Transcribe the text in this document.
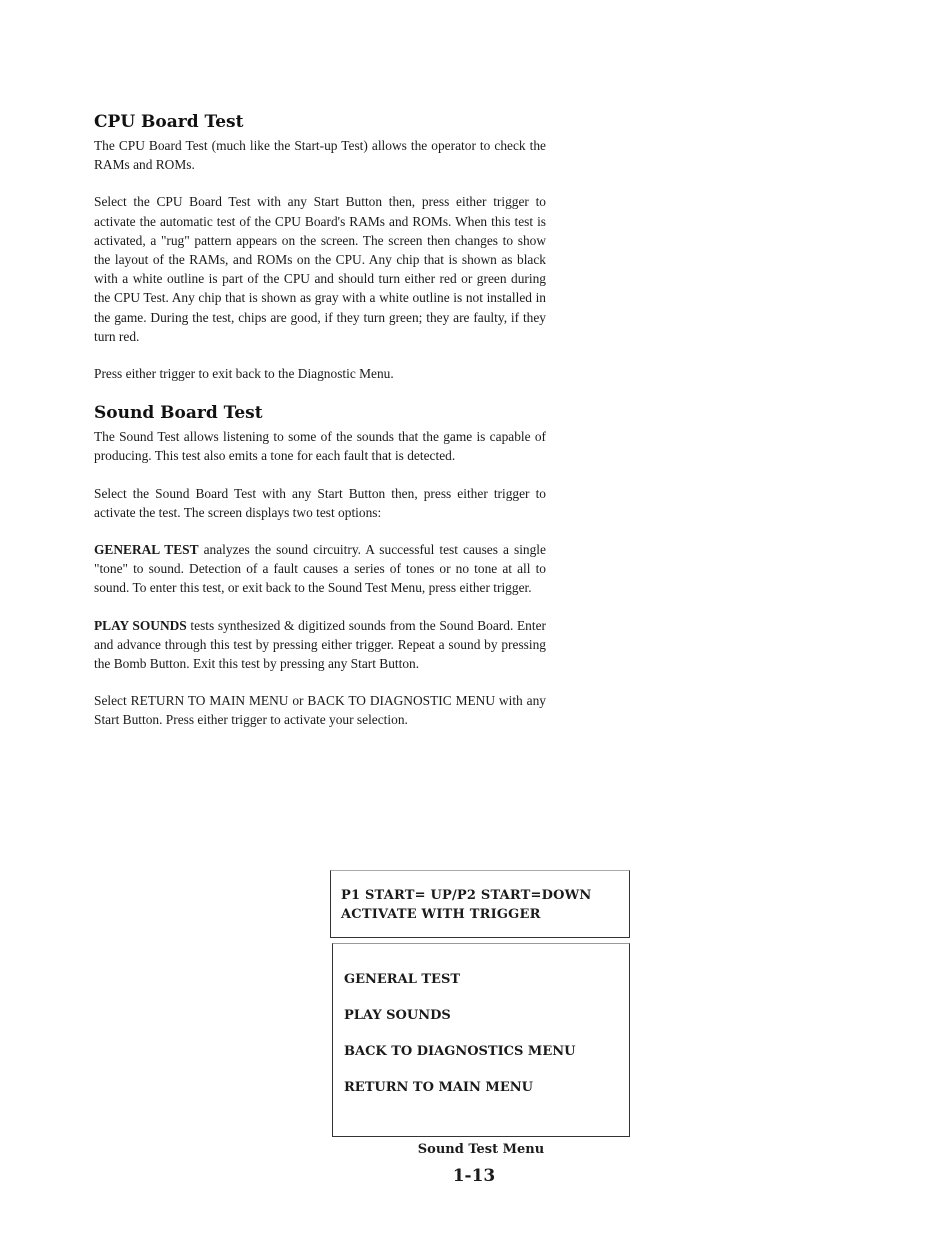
CPU Board Test

The CPU Board Test (much like the Start-up Test) allows the operator to check the RAMs and ROMs.

Select the CPU Board Test with any Start Button then, press either trigger to activate the automatic test of the CPU Board's RAMs and ROMs. When this test is activated, a "rug" pattern appears on the screen. The screen then changes to show the layout of the RAMs, and ROMs on the CPU. Any chip that is shown as black with a white outline is part of the CPU and should turn either red or green during the CPU Test. Any chip that is shown as gray with a white outline is not installed in the game. During the test, chips are good, if they turn green; they are faulty, if they turn red.

Press either trigger to exit back to the Diagnostic Menu.

Sound Board Test

The Sound Test allows listening to some of the sounds that the game is capable of producing. This test also emits a tone for each fault that is detected.

Select the Sound Board Test with any Start Button then, press either trigger to activate the test. The screen displays two test options:

GENERAL TEST analyzes the sound circuitry. A successful test causes a single "tone" to sound. Detection of a fault causes a series of tones or no tone at all to sound. To enter this test, or exit back to the Sound Test Menu, press either trigger.

PLAY SOUNDS tests synthesized & digitized sounds from the Sound Board. Enter and advance through this test by pressing either trigger. Repeat a sound by pressing the Bomb Button. Exit this test by pressing any Start Button.

Select RETURN TO MAIN MENU or BACK TO DIAGNOSTIC MENU with any Start Button. Press either trigger to activate your selection.

P1 START= UP/P2 START=DOWN
ACTIVATE WITH TRIGGER
GENERAL TEST
PLAY SOUNDS
BACK TO DIAGNOSTICS MENU
RETURN TO MAIN MENU
Sound Test Menu
1-13
